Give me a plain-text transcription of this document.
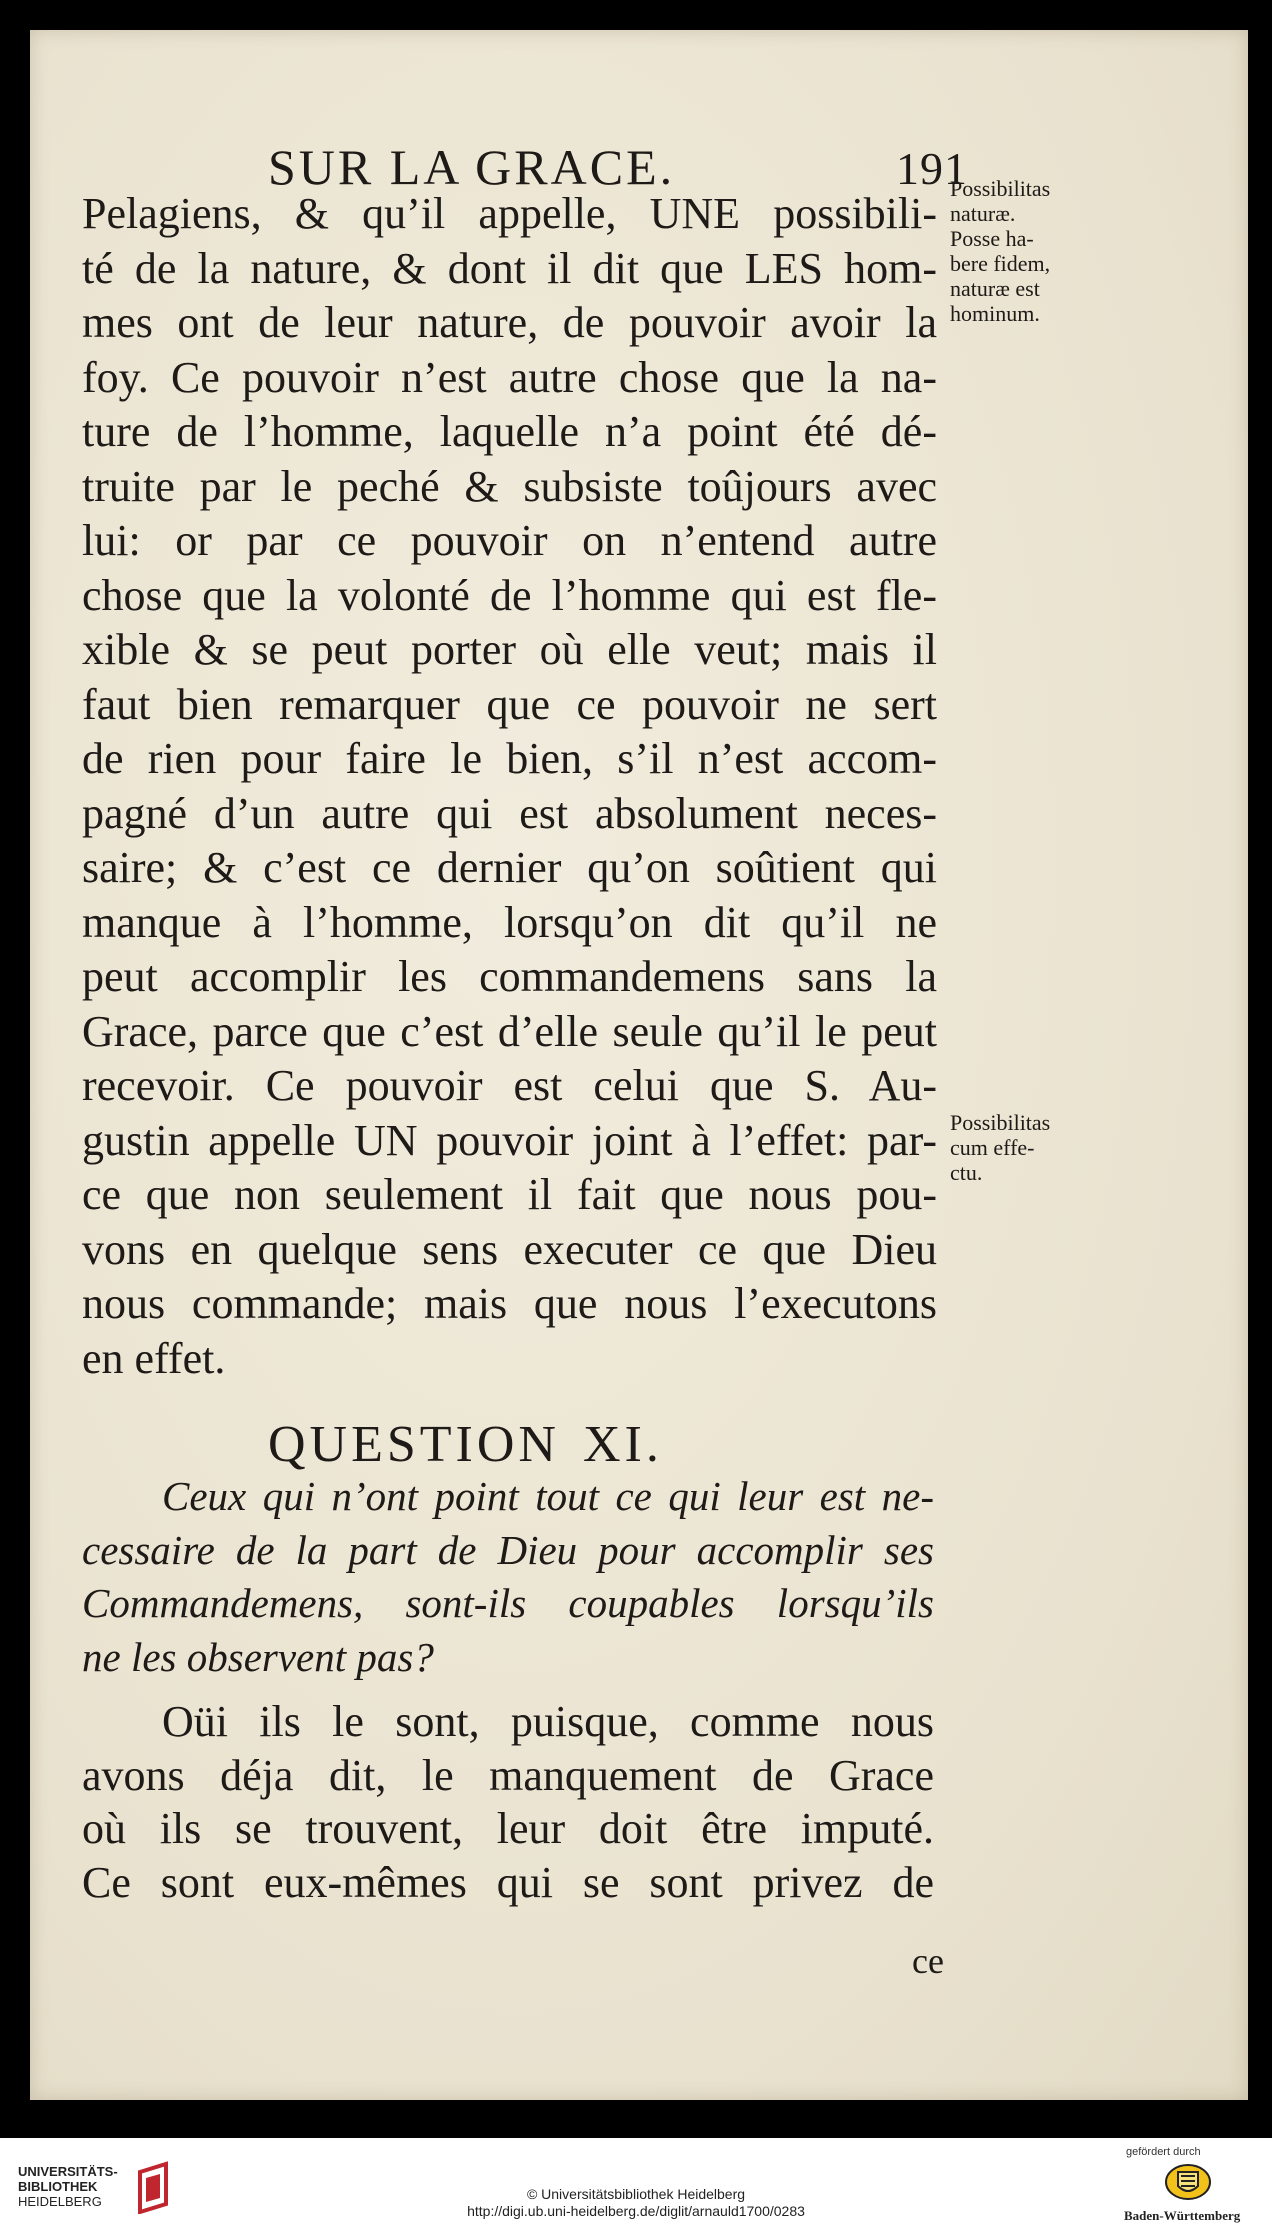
SUR LA GRACE.	191
Pelagiens, & qu’il appelle, UNE possibili-
té de la nature, & dont il dit que LES hom-
mes ont de leur nature, de pouvoir avoir la
foy. Ce pouvoir n’est autre chose que la na-
ture de l’homme, laquelle n’a point été dé-
truite par le peché & subsiste toûjours avec
lui: or par ce pouvoir on n’entend autre
chose que la volonté de l’homme qui est fle-
xible & se peut porter où elle veut; mais il
faut bien remarquer que ce pouvoir ne sert
de rien pour faire le bien, s’il n’est accom-
pagné d’un autre qui est absolument neces-
saire; & c’est ce dernier qu’on soûtient qui
manque à l’homme, lorsqu’on dit qu’il ne
peut accomplir les commandemens sans la
Grace, parce que c’est d’elle seule qu’il le peut
recevoir. Ce pouvoir est celui que S. Au-
gustin appelle UN pouvoir joint à l’effet: par-
ce que non seulement il fait que nous pou-
vons en quelque sens executer ce que Dieu
nous commande; mais que nous l’executons
en effet.
Possibilitas
naturæ.
Posse ha-
bere fidem,
naturæ est
hominum.
Possibilitas
cum effe-
ctu.
QUESTION XI.
Ceux qui n’ont point tout ce qui leur est ne-
cessaire de la part de Dieu pour accomplir ses
Commandemens, sont-ils coupables lorsqu’ils
ne les observent pas?
Oüi ils le sont, puisque, comme nous
avons déja dit, le manquement de Grace
où ils se trouvent, leur doit être imputé.
Ce sont eux-mêmes qui se sont privez de
ce
UNIVERSITÄTS-
BIBLIOTHEK
HEIDELBERG	© Universitätsbibliothek Heidelberg
http://digi.ub.uni-heidelberg.de/diglit/arnauld1700/0283
gefördert durch
Baden-Württemberg
